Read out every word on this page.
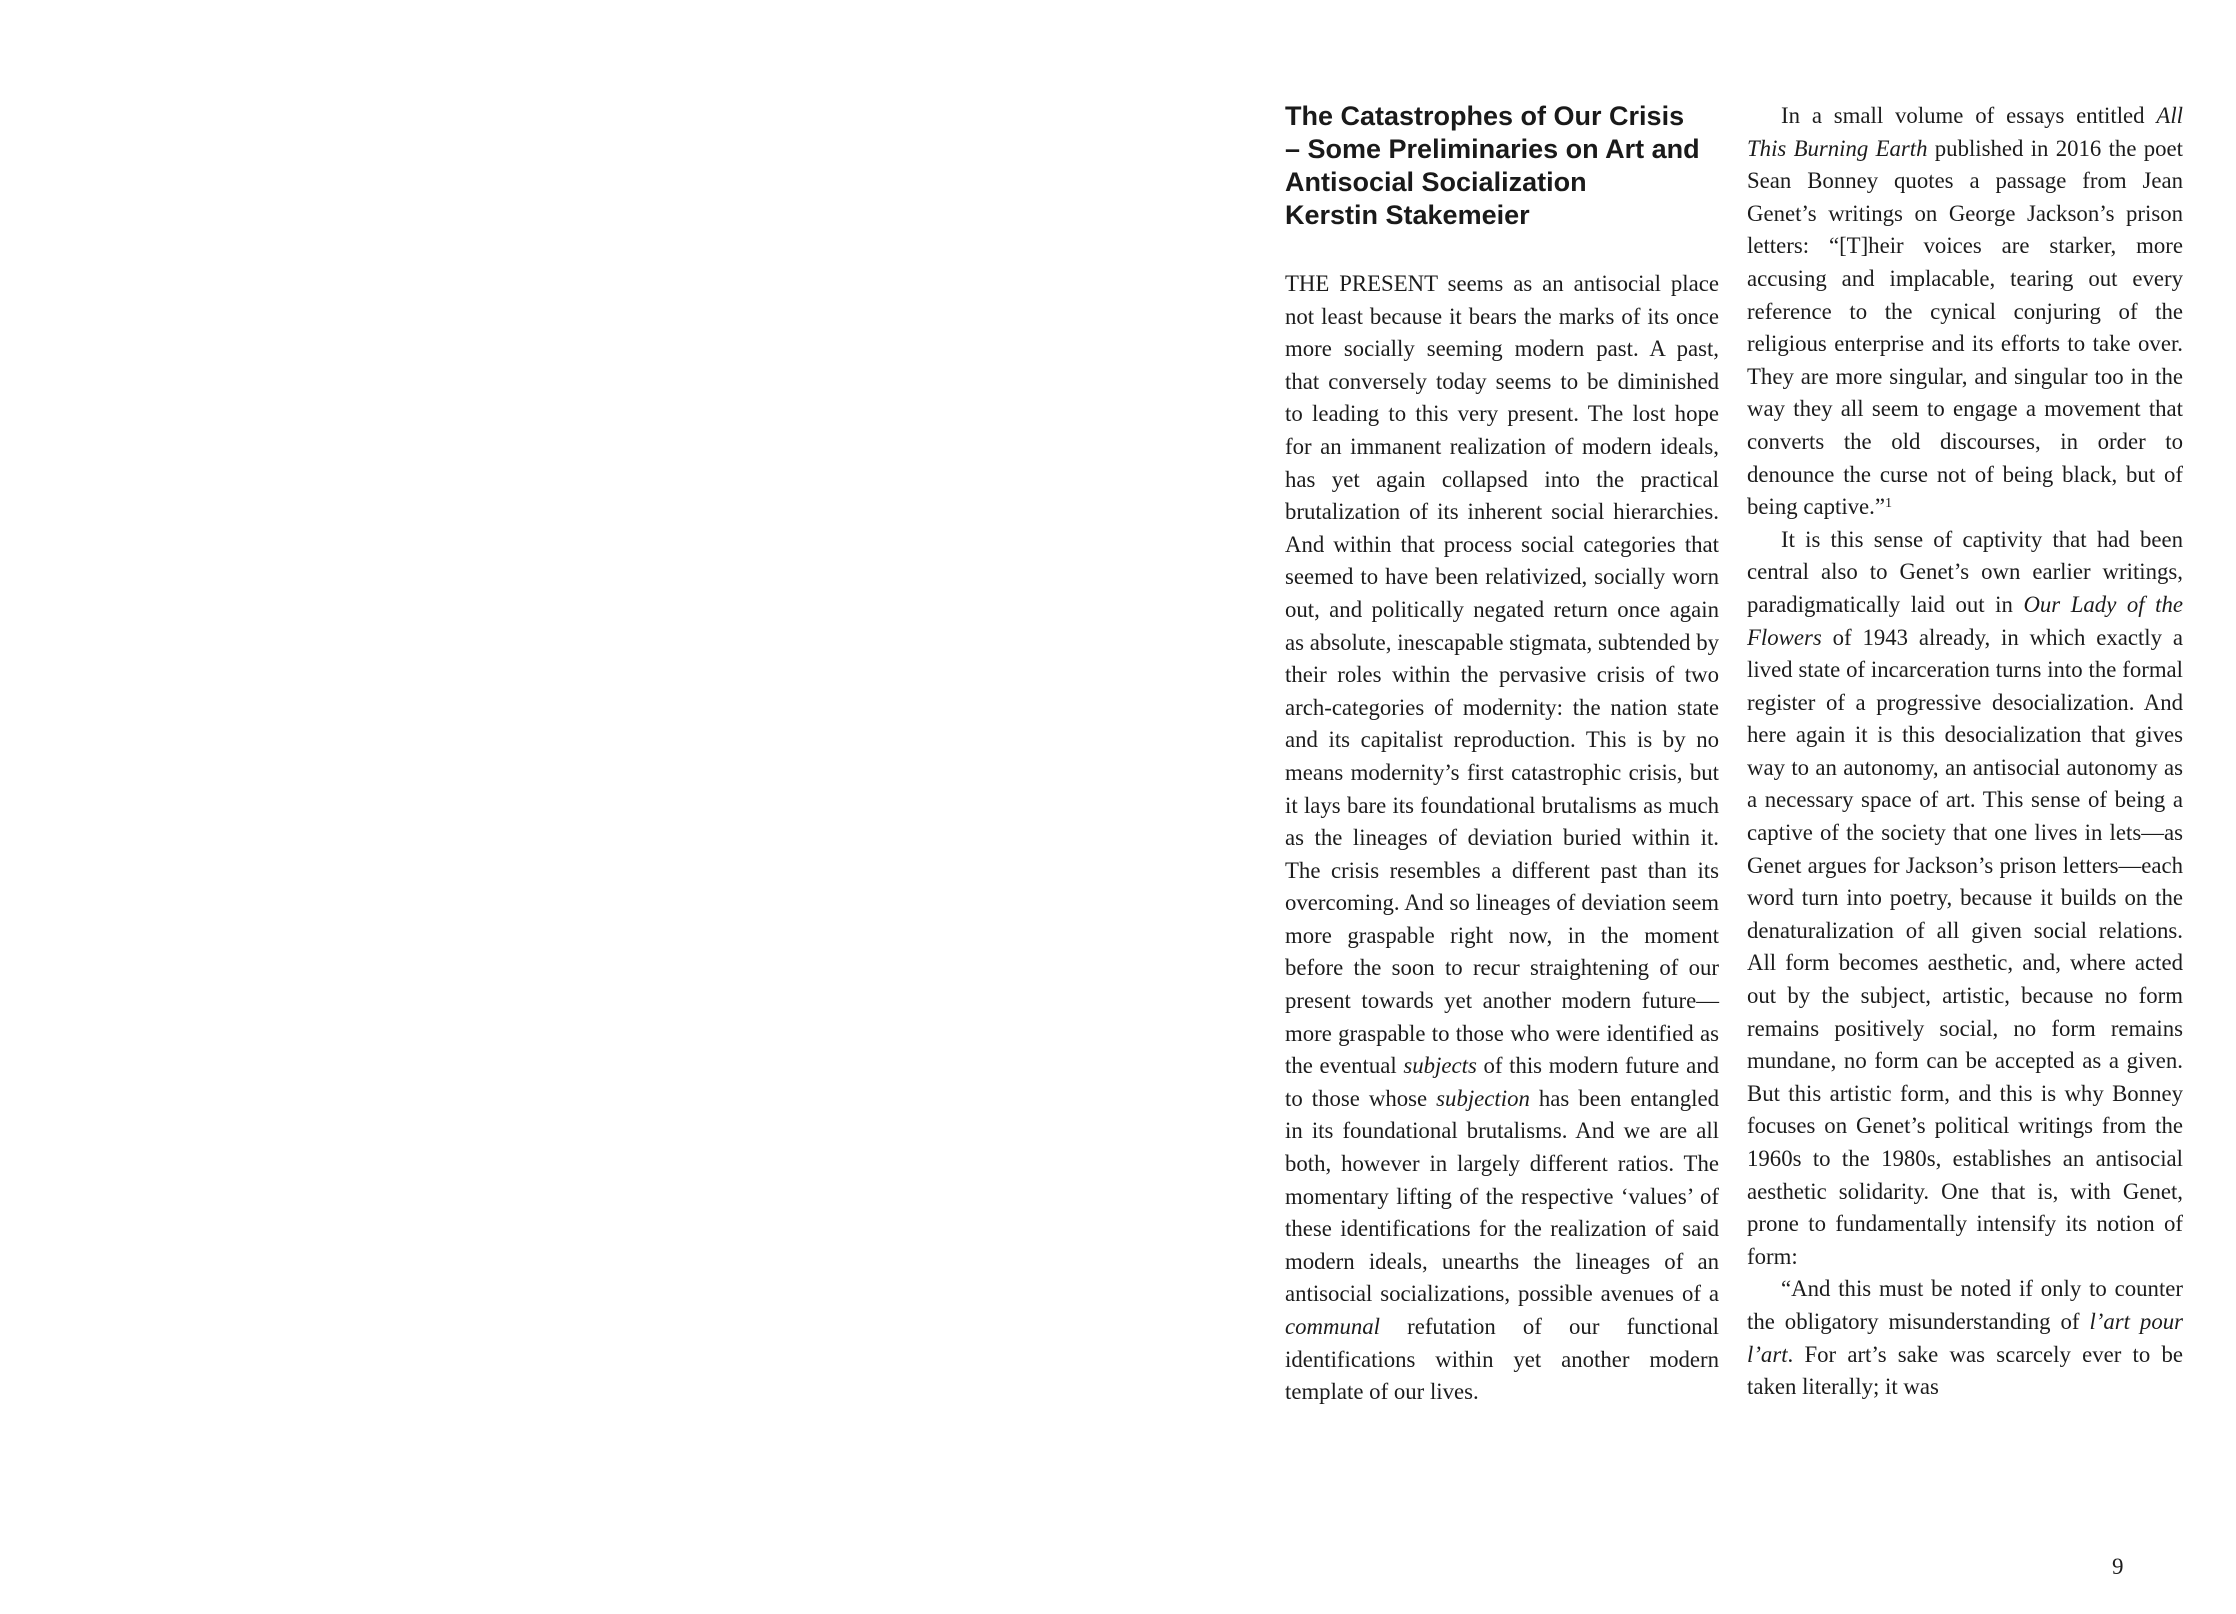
The Catastrophes of Our Crisis
– Some Preliminaries on Art and
Antisocial Socialization
Kerstin Stakemeier

THE PRESENT seems as an antisocial place not least because it bears the marks of its once more socially seeming modern past. A past, that conversely today seems to be diminished to leading to this very present. The lost hope for an immanent realization of modern ideals, has yet again collapsed into the practical brutalization of its inherent social hierarchies. And within that process social categories that seemed to have been relativized, socially worn out, and politically negated return once again as absolute, inescapable stigmata, subtended by their roles within the pervasive crisis of two arch-categories of modernity: the nation state and its capitalist reproduction. This is by no means modernity’s first catastrophic crisis, but it lays bare its foundational brutalisms as much as the lineages of deviation buried within it. The crisis resembles a different past than its overcoming. And so lineages of deviation seem more graspable right now, in the moment before the soon to recur straightening of our present towards yet another modern future—more graspable to those who were identified as the eventual subjects of this modern future and to those whose subjection has been entangled in its foundational brutalisms. And we are all both, however in largely different ratios. The momentary lifting of the respective ‘values’ of these identifications for the realization of said modern ideals, unearths the lineages of an antisocial socializations, possible avenues of a communal refutation of our functional identifications within yet another modern template of our lives.

In a small volume of essays entitled All This Burning Earth published in 2016 the poet Sean Bonney quotes a passage from Jean Genet’s writings on George Jackson’s prison letters: “[T]heir voices are starker, more accusing and implacable, tearing out every reference to the cynical conjuring of the religious enterprise and its efforts to take over. They are more singular, and singular too in the way they all seem to engage a movement that converts the old discourses, in order to denounce the curse not of being black, but of being captive.”$^1$

It is this sense of captivity that had been central also to Genet’s own earlier writings, paradigmatically laid out in Our Lady of the Flowers of 1943 already, in which exactly a lived state of incarceration turns into the formal register of a progressive desocialization. And here again it is this desocialization that gives way to an autonomy, an antisocial autonomy as a necessary space of art. This sense of being a captive of the society that one lives in lets—as Genet argues for Jackson’s prison letters—each word turn into poetry, because it builds on the denaturalization of all given social relations. All form becomes aesthetic, and, where acted out by the subject, artistic, because no form remains positively social, no form remains mundane, no form can be accepted as a given. But this artistic form, and this is why Bonney focuses on Genet’s political writings from the 1960s to the 1980s, establishes an antisocial aesthetic solidarity. One that is, with Genet, prone to fundamentally intensify its notion of form:

“And this must be noted if only to counter the obligatory misunderstanding of l’art pour l’art. For art’s sake was scarcely ever to be taken literally; it was

9
